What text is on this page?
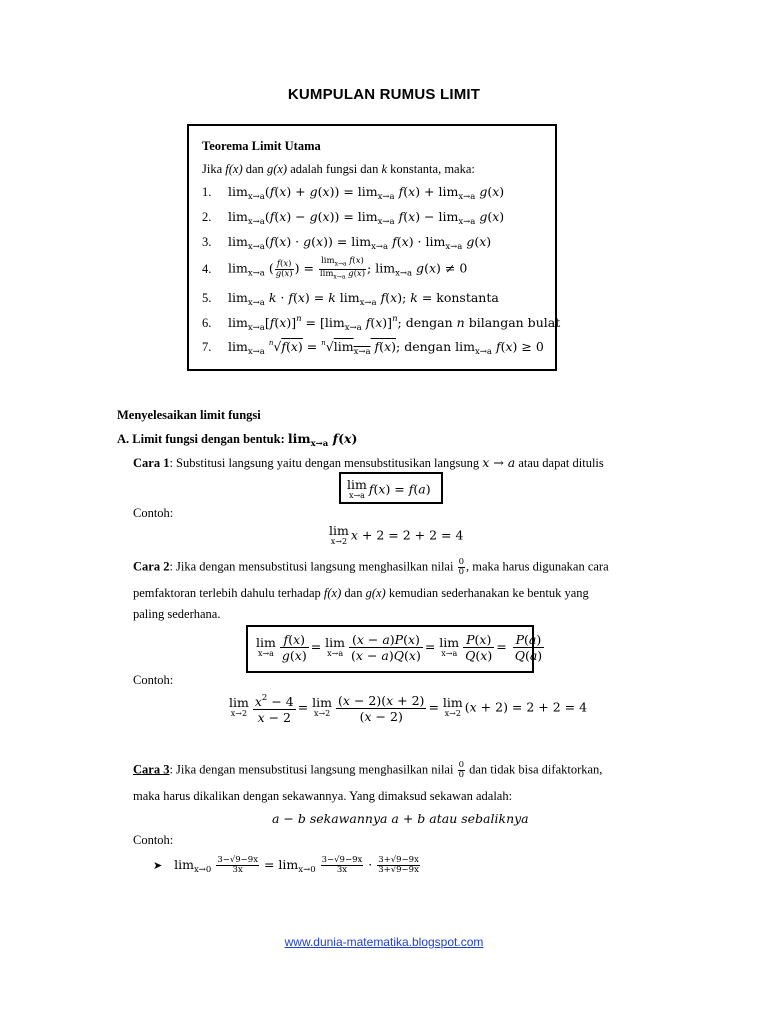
KUMPULAN RUMUS LIMIT
Teorema Limit Utama
Jika f(x) dan g(x) adalah fungsi dan k konstanta, maka:
1. $\lim_{x\to a}(f(x) + g(x)) = \lim_{x\to a} f(x) + \lim_{x\to a} g(x)$
2. $\lim_{x\to a}(f(x) - g(x)) = \lim_{x\to a} f(x) - \lim_{x\to a} g(x)$
3. $\lim_{x\to a}(f(x) \cdot g(x)) = \lim_{x\to a} f(x) \cdot \lim_{x\to a} g(x)$
4. $\lim_{x\to a}$ ( $\frac{f(x)}{g(x)}$ ) = $\frac{\lim_{x\to a} f(x)}{\lim_{x\to a} g(x)}$ ; $\lim_{x\to a} g(x) \ne 0$
5. $\lim_{x\to a} k \cdot f(x) = k$ $\lim_{x\to a} f(x)$; k = konstanta
6. $\lim_{x\to a}[f(x)]^n = [\lim_{x\to a}$ f(x)]$^n$; dengan n bilangan bulat
7. $\lim_{x\to a} ^n√f(x) = ^n√\lim_{x\to a}$ f(x); dengan $\lim_{x\to a} f(x) \ge 0$
Menyelesaikan limit fungsi
A. Limit fungsi dengan bentuk: $\lim_{x\to a} f(x)$
Cara 1: Substitusi langsung yaitu dengan mensubstitusikan langsung x → a atau dapat ditulis
lim
x→a f(x) = f(a)
Contoh:
lim
x→2 x + 2 = 2 + 2 = 4
Cara 2: Jika dengan mensubstitusi langsung menghasilkan nilai $\frac{0}{0}$ , maka harus digunakan cara
pemfaktoran terlebih dahulu terhadap f(x) dan g(x) kemudian sederhanakan ke bentuk yang
paling sederhana.
lim
$x\to a \frac{f(x)}{g(x)} = \lim$
$x\to a \frac{(x - a)P(x)}{(x - a)Q(x)} = \lim$
$x\to a \frac{P(x)}{Q(x)} = \frac{P(a)}{Q(a)}$
Contoh:
lim
$x\to 2 \frac{x^2 - 4}{x - 2} = \lim$
$x\to 2 \frac{(x - 2)(x + 2)}{(x - 2)} = \lim$
x→2 (x + 2) = 2 + 2 = 4
Cara 3: Jika dengan mensubstitusi langsung menghasilkan nilai $\frac{0}{0}$ dan tidak bisa difaktorkan,
maka harus dikalikan dengan sekawannya. Yang dimaksud sekawan adalah:
a − b sekawannya a + b atau sebaliknya
Contoh:
➤   $\lim_{x\to 0} \frac{3-√9-9x}{3x} = \lim_{x\to 0} \frac{3-√9-9x}{3x} \cdot \frac{3+√9-9x}{3+√9-9x}$
www.dunia-matematika.blogspot.com
